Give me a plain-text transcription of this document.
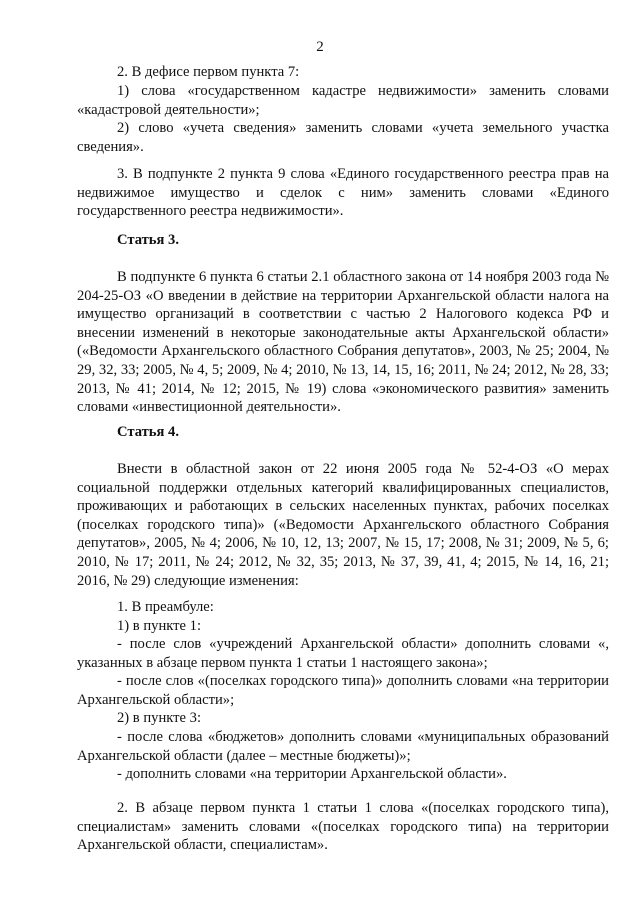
2
2. В дефисе первом пункта 7:
1) слова «государственном кадастре недвижимости» заменить словами «кадастровой деятельности»;
2) слово «учета сведения» заменить словами «учета земельного участка сведения».
3. В подпункте 2 пункта 9 слова «Единого государственного реестра прав на недвижимое имущество и сделок с ним» заменить словами «Единого государственного реестра недвижимости».
Статья 3.
В подпункте 6 пункта 6 статьи 2.1 областного закона от 14 ноября 2003 года № 204-25-ОЗ «О введении в действие на территории Архангельской области налога на имущество организаций в соответствии с частью 2 Налогового кодекса РФ и внесении изменений в некоторые законодательные акты Архангельской области» («Ведомости Архангельского областного Собрания депутатов», 2003, № 25; 2004, № 29, 32, 33; 2005, № 4, 5; 2009, № 4; 2010, № 13, 14, 15, 16; 2011, № 24; 2012, № 28, 33; 2013, № 41; 2014, № 12; 2015, № 19) слова «экономического развития» заменить словами «инвестиционной деятельности».
Статья 4.
Внести в областной закон от 22 июня 2005 года № 52-4-ОЗ «О мерах социальной поддержки отдельных категорий квалифицированных специалистов, проживающих и работающих в сельских населенных пунктах, рабочих поселках (поселках городского типа)» («Ведомости Архангельского областного Собрания депутатов», 2005, № 4; 2006, № 10, 12, 13; 2007, № 15, 17; 2008, № 31; 2009, № 5, 6; 2010, № 17; 2011, № 24; 2012, № 32, 35; 2013, № 37, 39, 41, 4; 2015, № 14, 16, 21; 2016, № 29) следующие изменения:
1. В преамбуле:
1) в пункте 1:
- после слов «учреждений Архангельской области» дополнить словами «, указанных в абзаце первом пункта 1 статьи 1 настоящего закона»;
- после слов «(поселках городского типа)» дополнить словами «на территории Архангельской области»;
2) в пункте 3:
- после слова «бюджетов» дополнить словами «муниципальных образований Архангельской области (далее – местные бюджеты)»;
- дополнить словами «на территории Архангельской области».
2. В абзаце первом пункта 1 статьи 1 слова «(поселках городского типа), специалистам» заменить словами «(поселках городского типа) на территории Архангельской области, специалистам».
